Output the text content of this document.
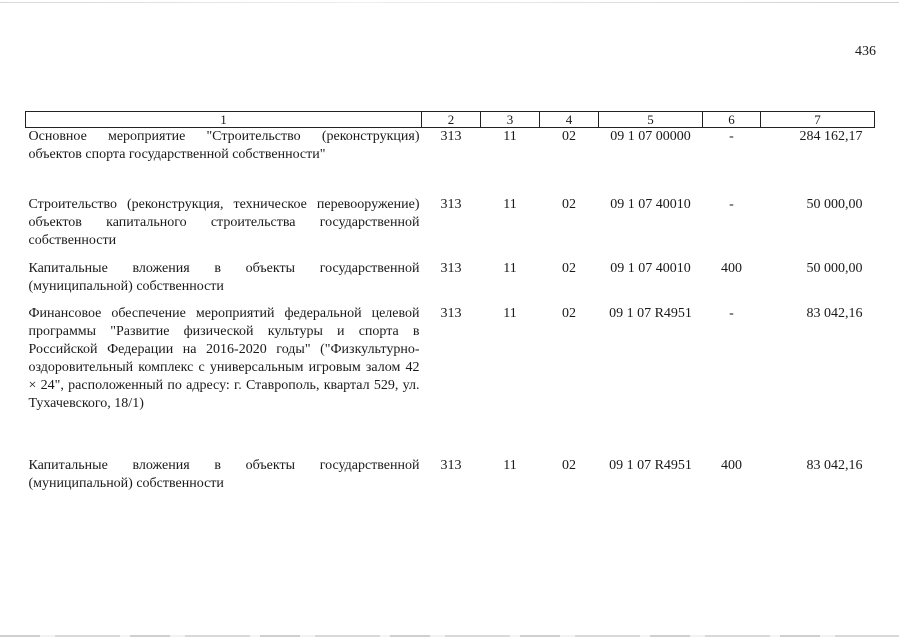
436
1	2	3	4	5	6	7
Основное мероприятие "Строительство (реконструкция) объектов спорта государственной собственности"	313	11	02	09 1 07 00000	-	284 162,17
Строительство (реконструкция, техническое перевооружение) объектов капитального строительства государственной собственности	313	11	02	09 1 07 40010	-	50 000,00
Капитальные вложения в объекты государственной (муниципальной) собственности	313	11	02	09 1 07 40010	400	50 000,00
Финансовое обеспечение мероприятий федеральной целевой программы "Развитие физической культуры и спорта в Российской Федерации на 2016-2020 годы" ("Физкультурно-оздоровительный комплекс с универсальным игровым залом 42 × 24", расположенный по адресу: г. Ставрополь, квартал 529, ул. Тухачевского, 18/1)	313	11	02	09 1 07 R4951	-	83 042,16
Капитальные вложения в объекты государственной (муниципальной) собственности	313	11	02	09 1 07 R4951	400	83 042,16
